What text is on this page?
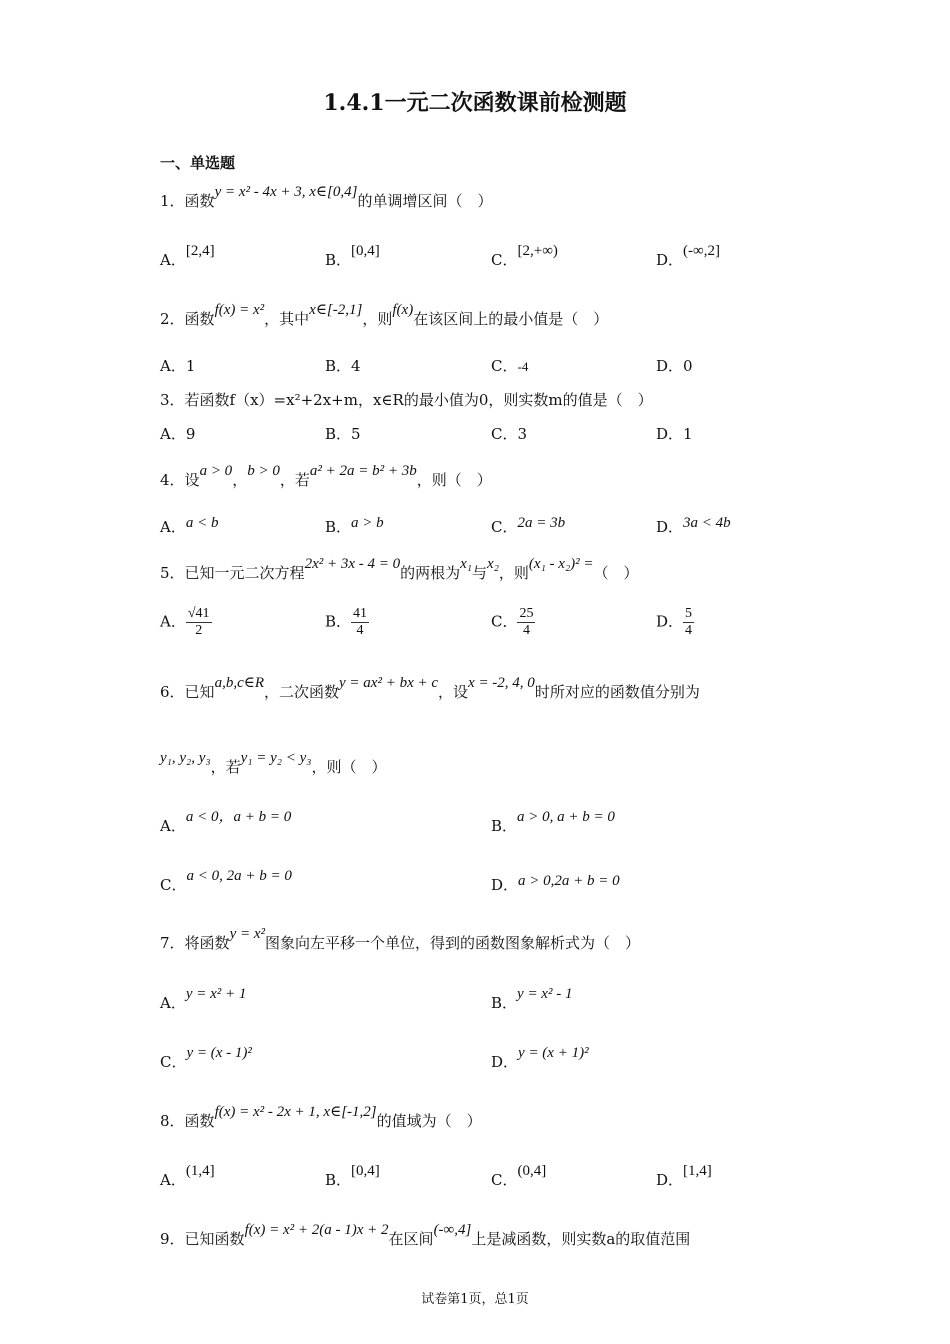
1.4.1一元二次函数课前检测题
一、单选题
1．函数y = x² - 4x + 3, x∈[0,4]的单调增区间（　）
A．[2,4]	B．[0,4]	C．[2,+∞)	D．(-∞,2]
2．函数f(x) = x²，其中x∈[-2,1]，则f(x)在该区间上的最小值是（　）
A．1	B．4	C．-4	D．0
3．若函数f（x）=x²+2x+m，x∈R的最小值为0，则实数m的值是（　）
A．9	B．5	C．3	D．1
4．设a > 0，b > 0，若a² + 2a = b² + 3b，则（　）
A．a < b	B．a > b	C．2a = 3b	D．3a < 4b
5．已知一元二次方程2x² + 3x - 4 = 0的两根为x₁与x₂，则(x₁ - x₂)² =（　）
A． $\frac{√41}{2}$	B． $\frac{41}{4}$	C． $\frac{25}{4}$	D． $\frac{5}{4}$
6．已知a,b,c∈R，二次函数y = ax² + bx + c，设x = -2, 4, 0时所对应的函数值分别为
y₁, y₂, y₃，若y₁ = y₂ < y₃，则（　）
A．a < 0，a + b = 0	B．a > 0, a + b = 0
C．a < 0, 2a + b = 0	D．a > 0,2a + b = 0
7．将函数y = x²图象向左平移一个单位，得到的函数图象解析式为（　）
A．y = x² + 1	B．y = x² - 1
C．y = (x - 1)²	D．y = (x + 1)²
8．函数f(x) = x² - 2x + 1, x∈[-1,2]的值域为（　）
A．(1,4]	B．[0,4]	C．(0,4]	D．[1,4]
9．已知函数f(x) = x² + 2(a - 1)x + 2在区间(-∞,4]上是减函数，则实数a的取值范围
试卷第1页，总1页
